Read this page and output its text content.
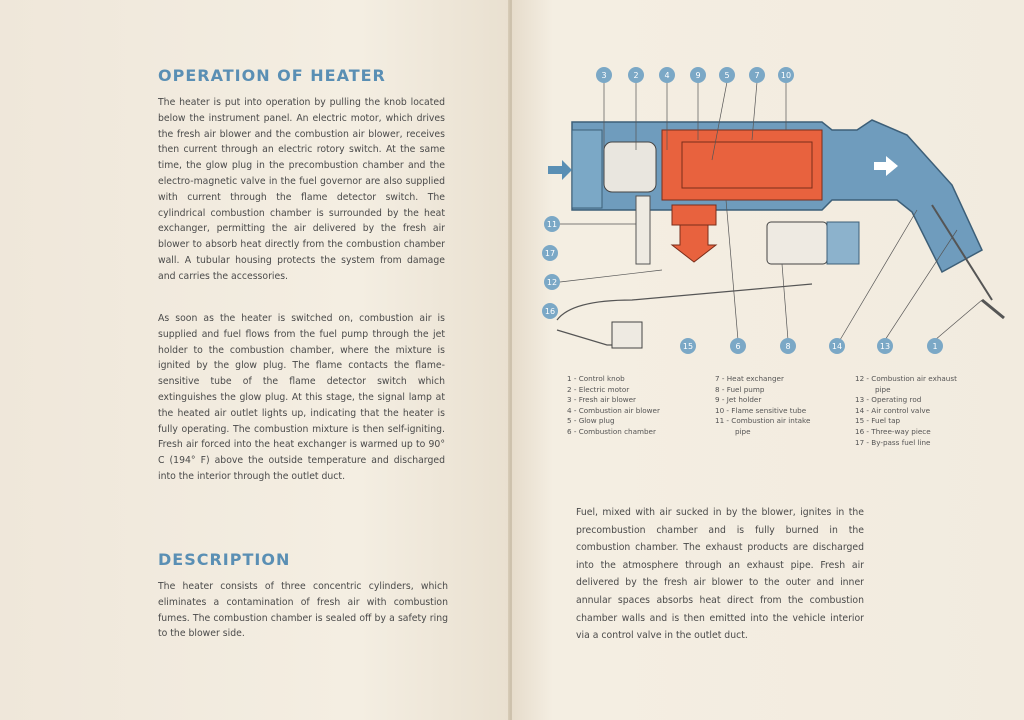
OPERATION OF HEATER
The heater is put into operation by pulling the knob located below the instrument panel. An electric motor, which drives the fresh air blower and the combustion air blower, receives then current through an electric rotory switch. At the same time, the glow plug in the precombustion chamber and the electro-magnetic valve in the fuel governor are also supplied with current through the flame detector switch. The cylindrical combustion chamber is surrounded by the heat exchanger, permitting the air delivered by the fresh air blower to absorb heat directly from the combustion chamber wall. A tubular housing protects the system from damage and carries the accessories.
As soon as the heater is switched on, combustion air is supplied and fuel flows from the fuel pump through the jet holder to the combustion chamber, where the mixture is ignited by the glow plug. The flame contacts the flame-sensitive tube of the flame detector switch which extinguishes the glow plug. At this stage, the signal lamp at the heated air outlet lights up, indicating that the heater is fully operating. The combustion mixture is then self-igniting. Fresh air forced into the heat exchanger is warmed up to 90° C (194° F) above the outside temperature and discharged into the interior through the outlet duct.
DESCRIPTION
The heater consists of three concentric cylinders, which eliminates a contamination of fresh air with combustion fumes. The combustion chamber is sealed off by a safety ring to the blower side.
3	2	4	9	5	7	10
11
17
12
16
15	6	8	14	13	1
1 - Control knob
2 - Electric motor
3 - Fresh air blower
4 - Combustion air blower
5 - Glow plug
6 - Combustion chamber
7 - Heat exchanger
8 - Fuel pump
9 - Jet holder
10 - Flame sensitive tube
11 - Combustion air intake
pipe
12 - Combustion air exhaust
pipe
13 - Operating rod
14 - Air control valve
15 - Fuel tap
16 - Three-way piece
17 - By-pass fuel line
Fuel, mixed with air sucked in by the blower, ignites in the precombustion chamber and is fully burned in the combustion chamber. The exhaust products are discharged into the atmosphere through an exhaust pipe. Fresh air delivered by the fresh air blower to the outer and inner annular spaces absorbs heat direct from the combustion chamber walls and is then emitted into the vehicle interior via a control valve in the outlet duct.
